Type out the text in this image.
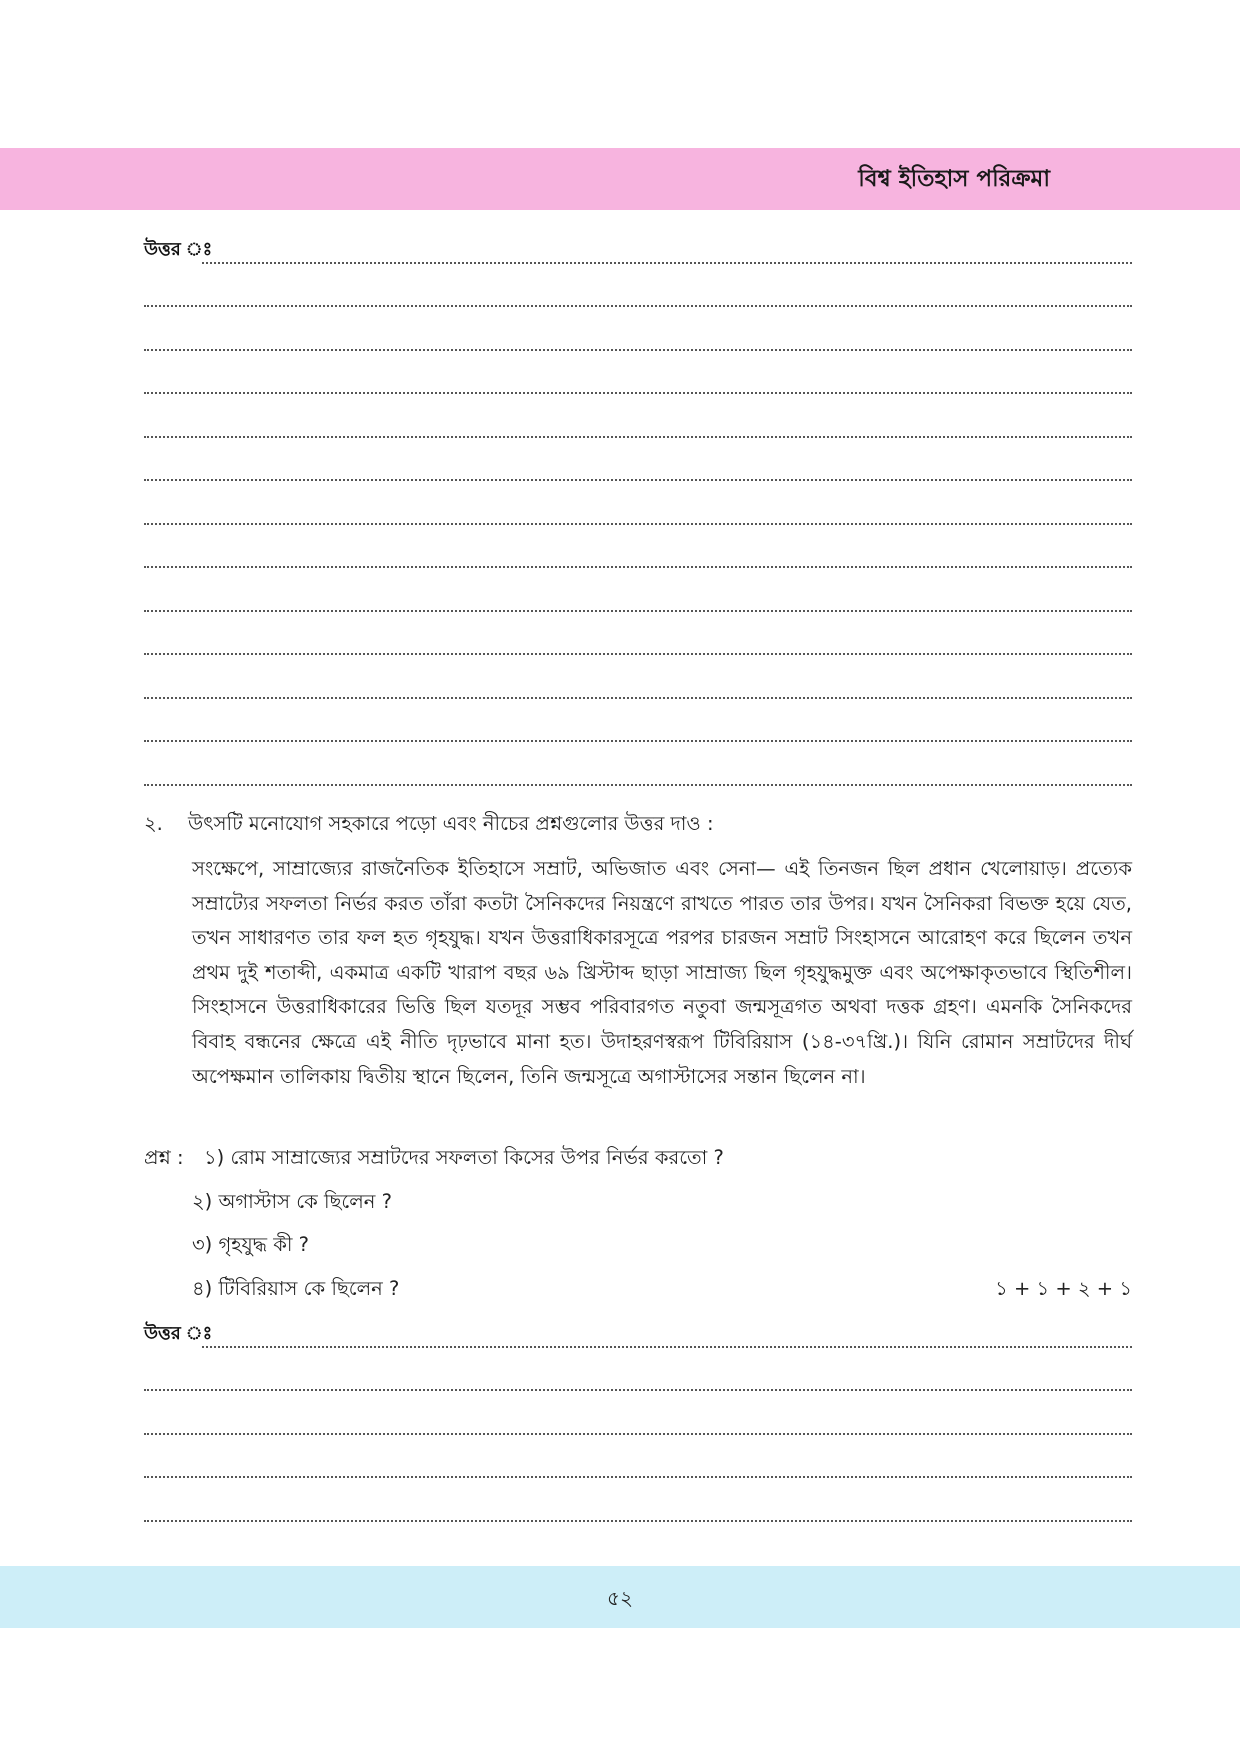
বিশ্ব ইতিহাস পরিক্রমা
উত্তর ঃ
২. উৎসটি মনোযোগ সহকারে পড়ো এবং নীচের প্রশ্নগুলোর উত্তর দাও :
সংক্ষেপে, সাম্রাজ্যের রাজনৈতিক ইতিহাসে সম্রাট, অভিজাত এবং সেনা— এই তিনজন ছিল প্রধান খেলোয়াড়। প্রত্যেক সম্রাট্যের সফলতা নির্ভর করত তাঁরা কতটা সৈনিকদের নিয়ন্ত্রণে রাখতে পারত তার উপর। যখন সৈনিকরা বিভক্ত হয়ে যেত, তখন সাধারণত তার ফল হত গৃহযুদ্ধ। যখন উত্তরাধিকারসূত্রে পরপর চারজন সম্রাট সিংহাসনে আরোহণ করে ছিলেন তখন প্রথম দুই শতাব্দী, একমাত্র একটি খারাপ বছর ৬৯ খ্রিস্টাব্দ ছাড়া সাম্রাজ্য ছিল গৃহযুদ্ধমুক্ত এবং অপেক্ষাকৃতভাবে স্থিতিশীল। সিংহাসনে উত্তরাধিকারের ভিত্তি ছিল যতদূর সম্ভব পরিবারগত নতুবা জন্মসূত্রগত অথবা দত্তক গ্রহণ। এমনকি সৈনিকদের বিবাহ বন্ধনের ক্ষেত্রে এই নীতি দৃঢ়ভাবে মানা হত। উদাহরণস্বরূপ টিবিরিয়াস (১৪-৩৭খ্রি.)। যিনি রোমান সম্রাটদের দীর্ঘ অপেক্ষমান তালিকায় দ্বিতীয় স্থানে ছিলেন, তিনি জন্মসূত্রে অগাস্টাসের সন্তান ছিলেন না।
প্রশ্ন : ১) রোম সাম্রাজ্যের সম্রাটদের সফলতা কিসের উপর নির্ভর করতো ?
২) অগাস্টাস কে ছিলেন ?
৩) গৃহযুদ্ধ কী ?
৪) টিবিরিয়াস কে ছিলেন ?	১ + ১ + ২ + ১
উত্তর ঃ
৫২
